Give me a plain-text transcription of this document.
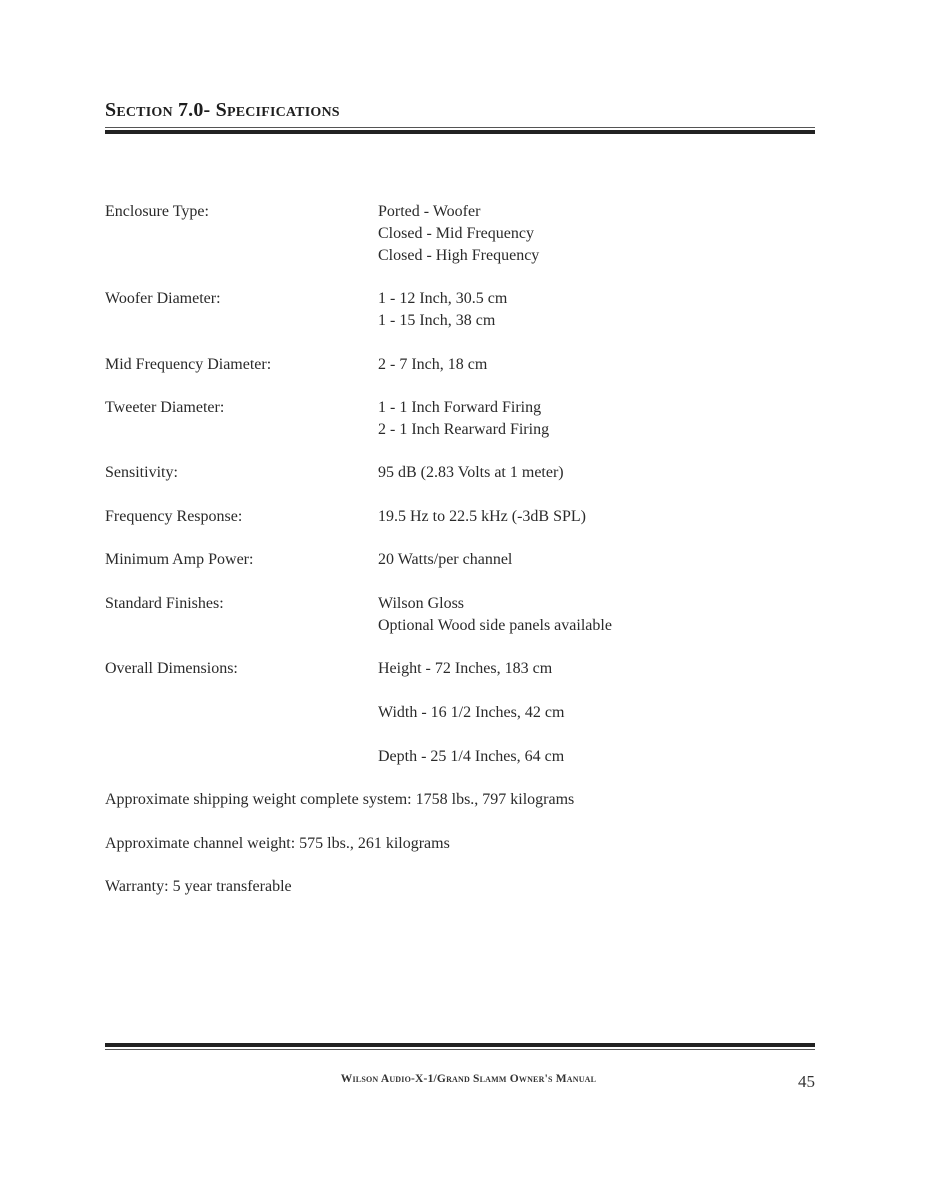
Section 7.0- Specifications
Enclosure Type:	Ported - Woofer
Closed - Mid Frequency
Closed - High Frequency
Woofer Diameter:	1 - 12 Inch, 30.5 cm
1 - 15 Inch, 38 cm
Mid Frequency Diameter:	2 - 7 Inch, 18 cm
Tweeter Diameter:	1 - 1 Inch Forward Firing
2 - 1 Inch Rearward Firing
Sensitivity:	95 dB (2.83 Volts at 1 meter)
Frequency Response:	19.5 Hz to 22.5 kHz (-3dB SPL)
Minimum Amp Power:	20 Watts/per channel
Standard Finishes:	Wilson Gloss
Optional Wood side panels available
Overall Dimensions:	Height - 72 Inches, 183 cm
Width - 16 1/2 Inches, 42 cm
Depth - 25 1/4 Inches, 64 cm
Approximate shipping weight complete system: 1758 lbs., 797 kilograms
Approximate channel weight: 575 lbs., 261 kilograms
Warranty: 5 year transferable
Wilson Audio-X-1/Grand Slamm Owner's Manual	45
